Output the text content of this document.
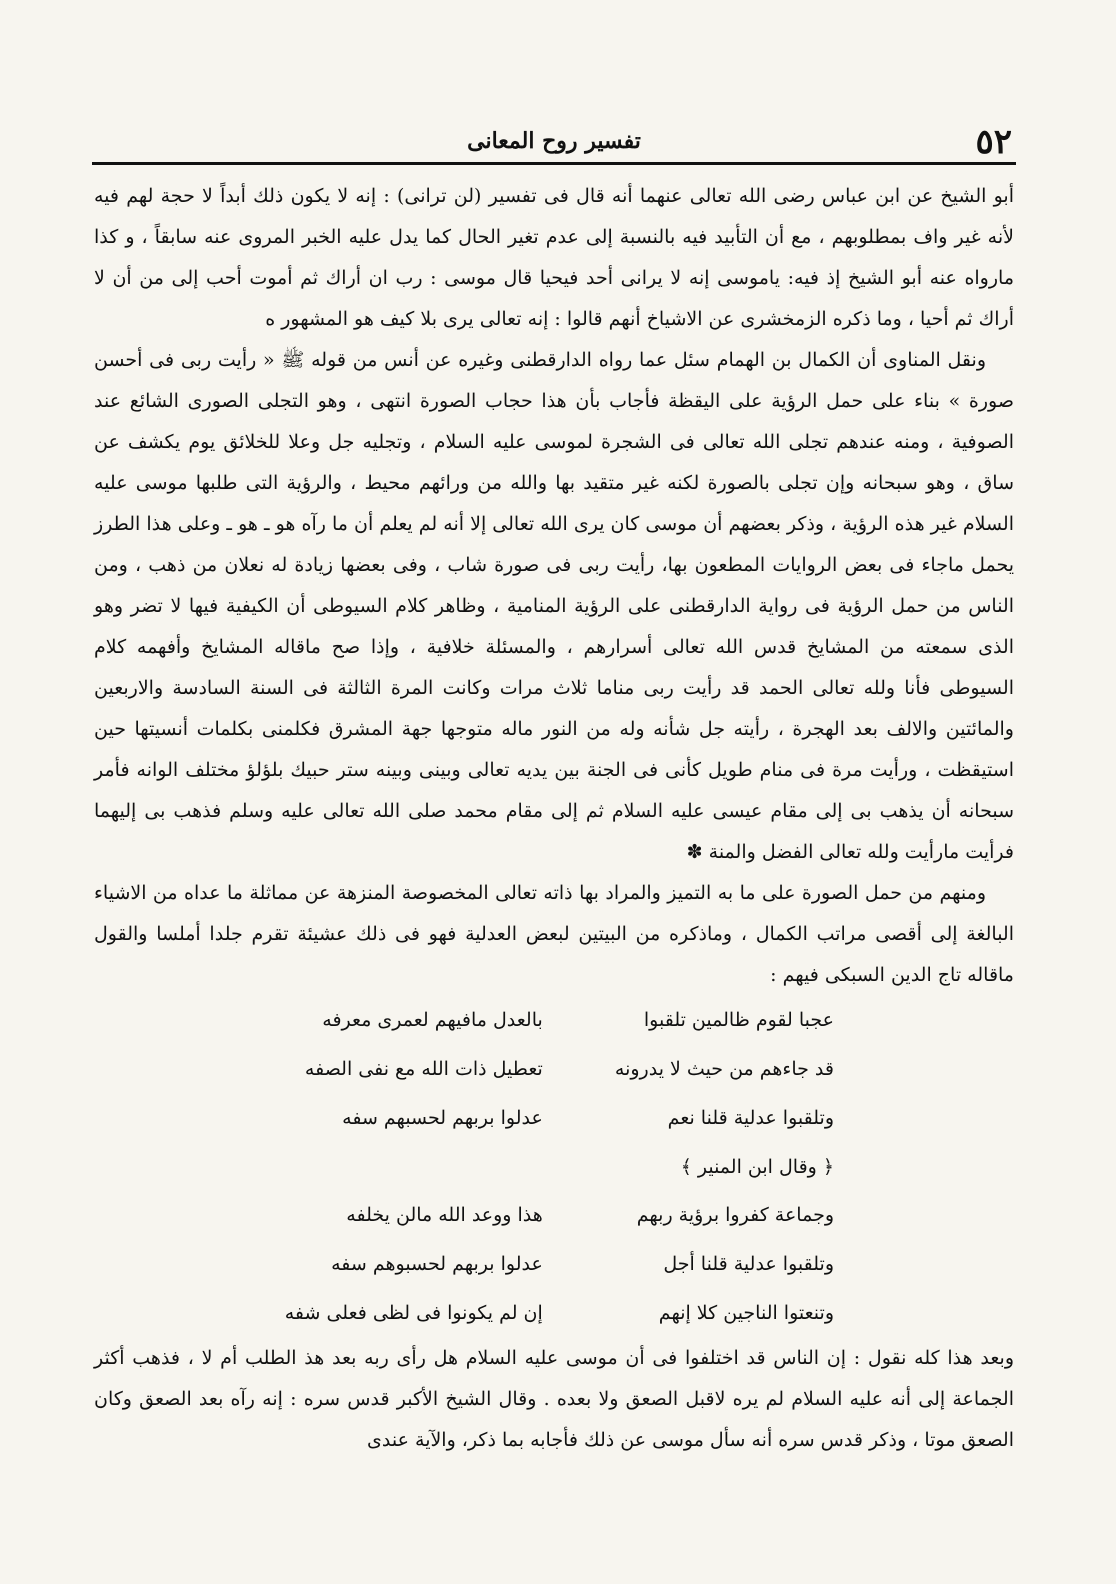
٥٢
تفسير روح المعانى

أبو الشيخ عن ابن عباس رضى الله تعالى عنهما أنه قال فى تفسير (لن ترانى) : إنه لا يكون ذلك أبداً لا حجة لهم فيه لأنه غير واف بمطلوبهم ، مع أن التأبيد فيه بالنسبة إلى عدم تغير الحال كما يدل عليه الخبر المروى عنه سابقاً ، و كذا مارواه عنه أبو الشيخ إذ فيه: ياموسى إنه لا يرانى أحد فيحيا قال موسى : رب ان أراك ثم أموت أحب إلى من أن لا أراك ثم أحيا ، وما ذكره الزمخشرى عن الاشياخ أنهم قالوا : إنه تعالى يرى بلا كيف هو المشهور ه

ونقل المناوى أن الكمال بن الهمام سئل عما رواه الدارقطنى وغيره عن أنس من قوله ﷺ « رأيت ربى فى أحسن صورة » بناء على حمل الرؤية على اليقظة فأجاب بأن هذا حجاب الصورة انتهى ، وهو التجلى الصورى الشائع عند الصوفية ، ومنه عندهم تجلى الله تعالى فى الشجرة لموسى عليه السلام ، وتجليه جل وعلا للخلائق يوم يكشف عن ساق ، وهو سبحانه وإن تجلى بالصورة لكنه غير متقيد بها والله من ورائهم محيط ، والرؤية التى طلبها موسى عليه السلام غير هذه الرؤية ، وذكر بعضهم أن موسى كان يرى الله تعالى إلا أنه لم يعلم أن ما رآه هو ـ هو ـ وعلى هذا الطرز يحمل ماجاء فى بعض الروايات المطعون بها، رأيت ربى فى صورة شاب ، وفى بعضها زيادة له نعلان من ذهب ، ومن الناس من حمل الرؤية فى رواية الدارقطنى على الرؤية المنامية ، وظاهر كلام السيوطى أن الكيفية فيها لا تضر وهو الذى سمعته من المشايخ قدس الله تعالى أسرارهم ، والمسئلة خلافية ، وإذا صح ماقاله المشايخ وأفهمه كلام السيوطى فأنا ولله تعالى الحمد قد رأيت ربى مناما ثلاث مرات وكانت المرة الثالثة فى السنة السادسة والاربعين والمائتين والالف بعد الهجرة ، رأيته جل شأنه وله من النور ماله متوجها جهة المشرق فكلمنى بكلمات أنسيتها حين استيقظت ، ورأيت مرة فى منام طويل كأنى فى الجنة بين يديه تعالى وبينى وبينه ستر حبيك بلؤلؤ مختلف الوانه فأمر سبحانه أن يذهب بى إلى مقام عيسى عليه السلام ثم إلى مقام محمد صلى الله تعالى عليه وسلم فذهب بى إليهما فرأيت مارأيت ولله تعالى الفضل والمنة ✽

ومنهم من حمل الصورة على ما به التميز والمراد بها ذاته تعالى المخصوصة المنزهة عن مماثلة ما عداه من الاشياء البالغة إلى أقصى مراتب الكمال ، وماذكره من البيتين لبعض العدلية فهو فى ذلك عشيئة تقرم جلدا أملسا والقول ماقاله تاج الدين السبكى فيهم :

عجبا لقوم ظالمين تلقبوا
بالعدل مافيهم لعمرى معرفه
قد جاءهم من حيث لا يدرونه
تعطيل ذات الله مع نفى الصفه
وتلقبوا عدلية قلنا نعم
عدلوا بربهم لحسبهم سفه
﴿ وقال ابن المنير ﴾
وجماعة كفروا برؤية ربهم
هذا ووعد الله مالن يخلفه
وتلقبوا عدلية قلنا أجل
عدلوا بربهم لحسبوهم سفه
وتنعتوا الناجين كلا إنهم
إن لم يكونوا فى لظى فعلى شفه

وبعد هذا كله نقول : إن الناس قد اختلفوا فى أن موسى عليه السلام هل رأى ربه بعد هذ الطلب أم لا ، فذهب أكثر الجماعة إلى أنه عليه السلام لم يره لاقبل الصعق ولا بعده . وقال الشيخ الأكبر قدس سره : إنه رآه بعد الصعق وكان الصعق موتا ، وذكر قدس سره أنه سأل موسى عن ذلك فأجابه بما ذكر، والآية عندى
